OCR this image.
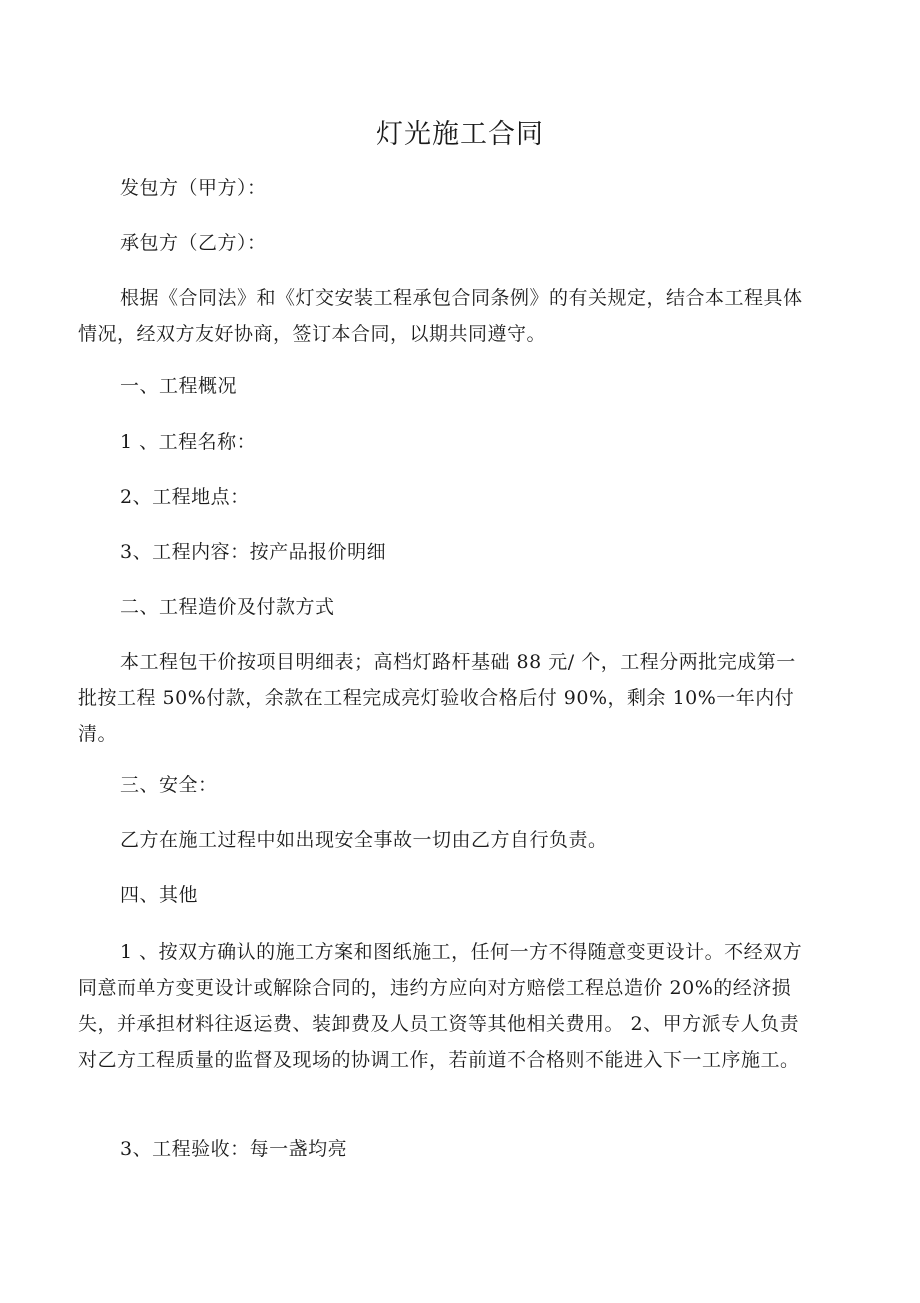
灯光施工合同
发包方（甲方）：
承包方（乙方）：
根据《合同法》和《灯交安装工程承包合同条例》的有关规定，结合本工程具体情况，经双方友好协商，签订本合同，以期共同遵守。
一、工程概况
1 、工程名称：
2、工程地点：
3、工程内容：按产品报价明细
二、工程造价及付款方式
本工程包干价按项目明细表；高档灯路杆基础 88 元/ 个，工程分两批完成第一批按工程 50%付款，余款在工程完成亮灯验收合格后付 90%，剩余 10%一年内付清。
三、安全：
乙方在施工过程中如出现安全事故一切由乙方自行负责。
四、其他
1 、按双方确认的施工方案和图纸施工，任何一方不得随意变更设计。不经双方同意而单方变更设计或解除合同的，违约方应向对方赔偿工程总造价 20%的经济损失，并承担材料往返运费、装卸费及人员工资等其他相关费用。 2、甲方派专人负责对乙方工程质量的监督及现场的协调工作，若前道不合格则不能进入下一工序施工。
3、工程验收：每一盏均亮
